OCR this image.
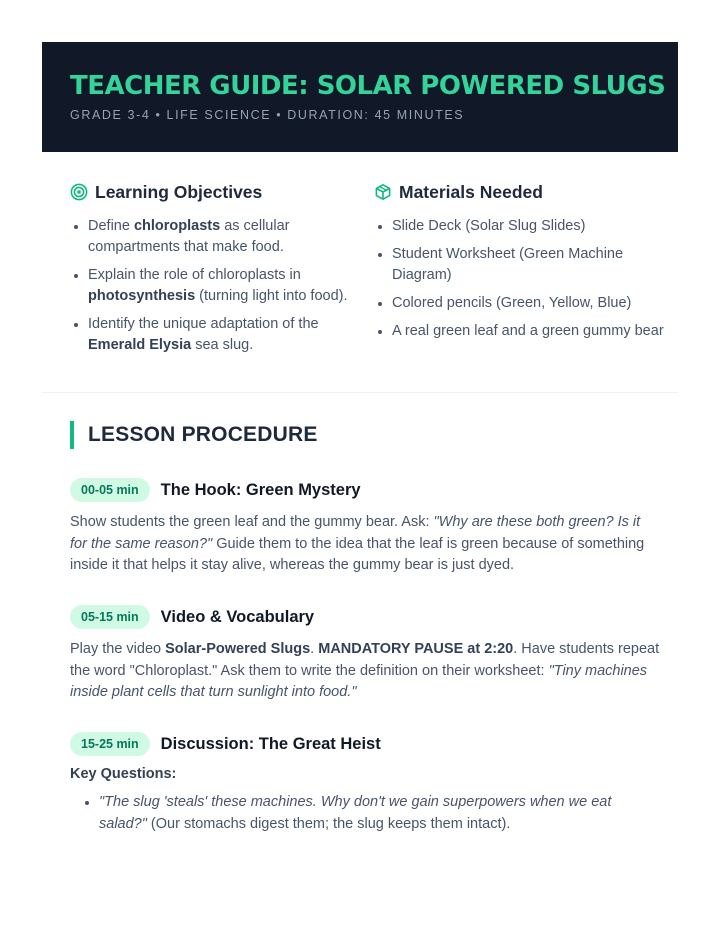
TEACHER GUIDE: SOLAR POWERED SLUGS
GRADE 3-4 • LIFE SCIENCE • DURATION: 45 MINUTES
Learning Objectives
Define chloroplasts as cellular compartments that make food.
Explain the role of chloroplasts in photosynthesis (turning light into food).
Identify the unique adaptation of the Emerald Elysia sea slug.
Materials Needed
Slide Deck (Solar Slug Slides)
Student Worksheet (Green Machine Diagram)
Colored pencils (Green, Yellow, Blue)
A real green leaf and a green gummy bear
LESSON PROCEDURE
00-05 min	The Hook: Green Mystery

Show students the green leaf and the gummy bear. Ask: "Why are these both green? Is it for the same reason?" Guide them to the idea that the leaf is green because of something inside it that helps it stay alive, whereas the gummy bear is just dyed.

05-15 min	Video & Vocabulary

Play the video Solar-Powered Slugs. MANDATORY PAUSE at 2:20. Have students repeat the word "Chloroplast." Ask them to write the definition on their worksheet: "Tiny machines inside plant cells that turn sunlight into food."

15-25 min	Discussion: The Great Heist
Key Questions:
"The slug 'steals' these machines. Why don't we gain superpowers when we eat salad?" (Our stomachs digest them; the slug keeps them intact).
